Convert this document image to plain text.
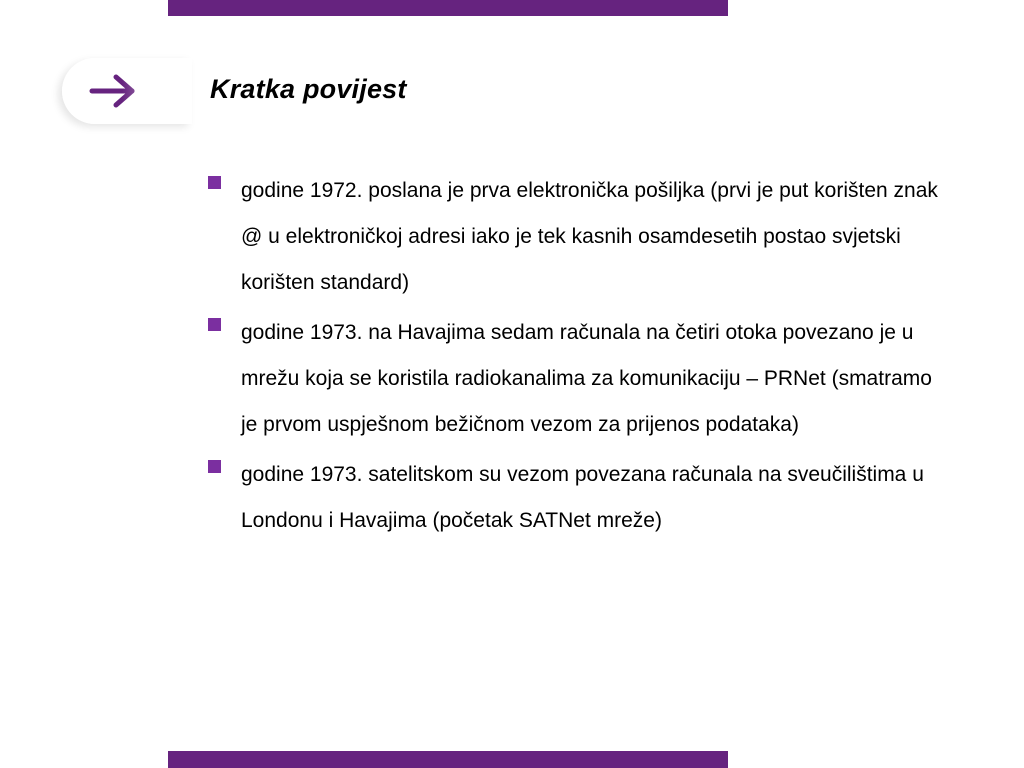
Kratka povijest
godine 1972. poslana je prva elektronička pošiljka (prvi je put korišten znak @ u elektroničkoj adresi iako je tek kasnih osamdesetih postao svjetski korišten standard)
godine 1973. na Havajima sedam računala na četiri otoka povezano je u mrežu koja se koristila radiokanalima za komunikaciju – PRNet (smatramo je prvom uspješnom bežičnom vezom za prijenos podataka)
godine 1973. satelitskom su vezom povezana računala na sveučilištima u Londonu i Havajima (početak SATNet mreže)
